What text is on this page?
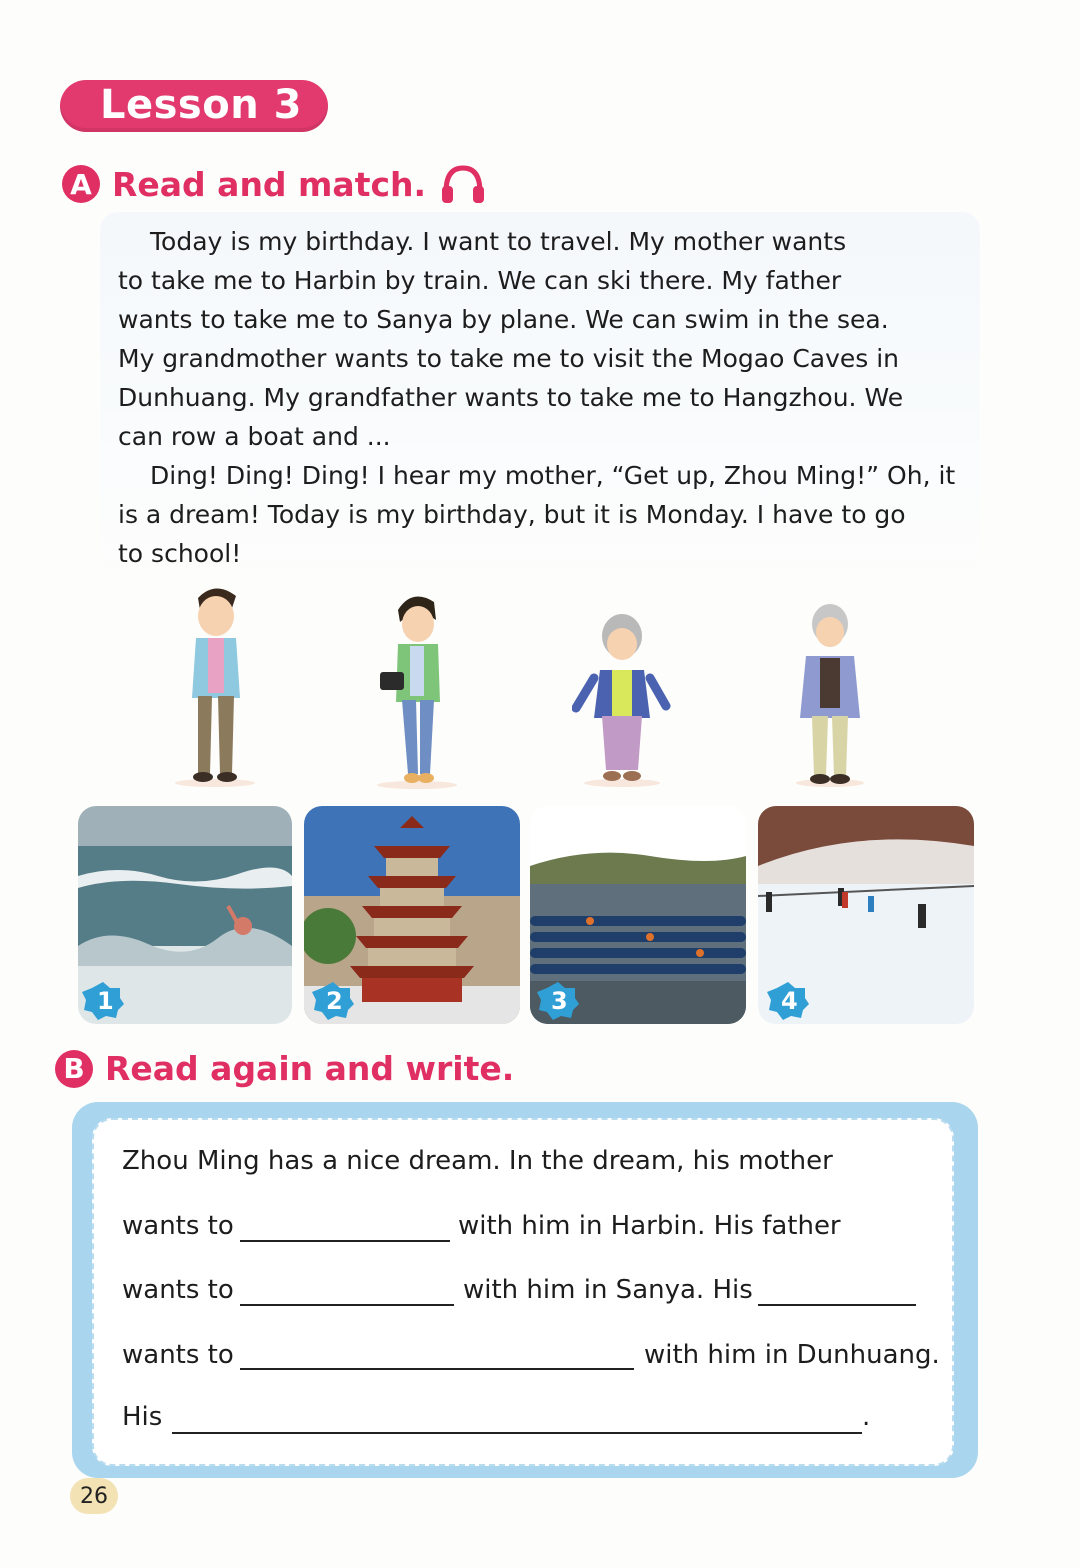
Lesson 3
A Read and match.

Today is my birthday. I want to travel. My mother wants

to take me to Harbin by train. We can ski there. My father

wants to take me to Sanya by plane. We can swim in the sea.

My grandmother wants to take me to visit the Mogao Caves in

Dunhuang. My grandfather wants to take me to Hangzhou. We

can row a boat and ...

Ding! Ding! Ding! I hear my mother, “Get up, Zhou Ming!” Oh, it

is a dream! Today is my birthday, but it is Monday. I have to go

to school!

1	2	3	4
B Read again and write.
Zhou Ming has a nice dream. In the dream, his mother
wants to	with him in Harbin. His father
wants to	with him in Sanya. His
wants to	with him in Dunhuang.
His	.
26
